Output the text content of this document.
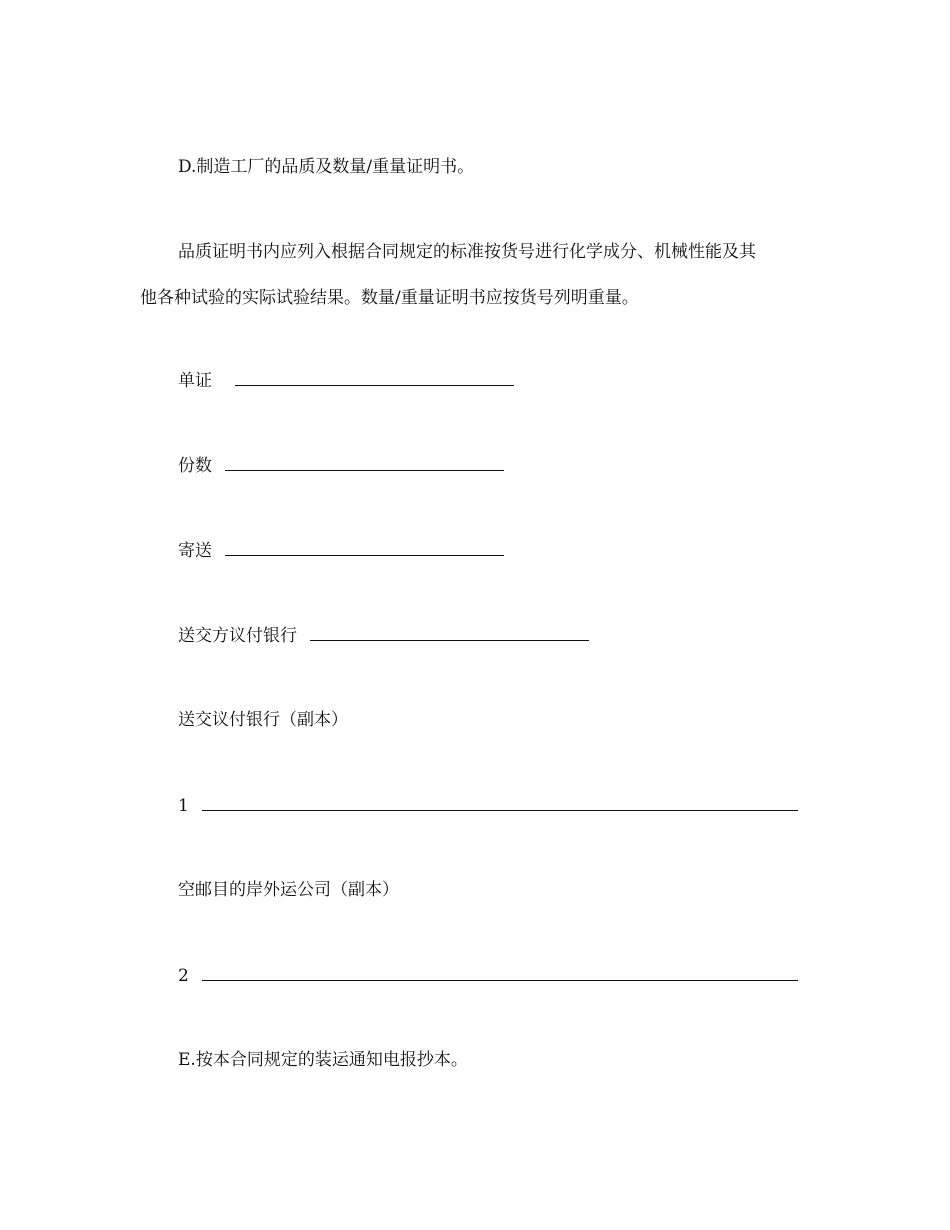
D.制造工厂的品质及数量/重量证明书。
品质证明书内应列入根据合同规定的标准按货号进行化学成分、机械性能及其
他各种试验的实际试验结果。数量/重量证明书应按货号列明重量。
单证
份数
寄送
送交方议付银行
送交议付银行（副本）
1
空邮目的岸外运公司（副本）
2
E.按本合同规定的装运通知电报抄本。
